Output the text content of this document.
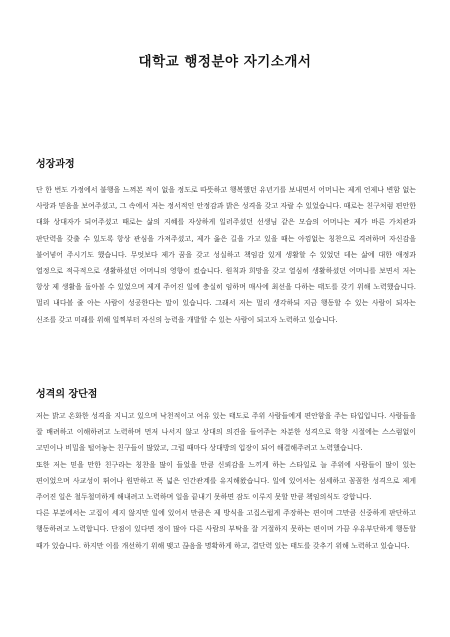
대학교 행정분야 자기소개서
성장과정

단 한 번도 가정에서 불행을 느껴본 적이 없을 정도로 따뜻하고 행복했던 유년기를 보내면서 어머니는 제게 언제나 변함 없는 사랑과 믿음을 보여주셨고, 그 속에서 저는 정서적인 안정감과 밝은 성격을 갖고 자랄 수 있었습니다. 때로는 친구처럼 편안한 대화 상대자가 되어주셨고 때로는 삶의 지혜를 자상하게 일러주셨던 선생님 같은 모습의 어머니는 제가 바른 가치관과 판단력을 갖출 수 있도록 항상 관심을 가져주셨고, 제가 옳은 길을 가고 있을 때는 아낌없는 칭찬으로 격려하며 자신감을 불어넣어 주시기도 했습니다. 무엇보다 제가 꿈을 갖고 성실하고 책임감 있게 생활할 수 있었던 데는 삶에 대한 애정과 열정으로 적극적으로 생활하셨던 어머니의 영향이 컸습니다. 원칙과 희망을 갖고 열심히 생활하셨던 어머니를 보면서 저는 항상 제 생활을 돌아볼 수 있었으며 제게 주어진 일에 충실히 임하며 매사에 최선을 다하는 태도를 갖기 위해 노력했습니다. 멀리 내다볼 줄 아는 사람이 성공한다는 말이 있습니다. 그래서 저는 멀리 생각하되 지금 행동할 수 있는 사람이 되자는 신조를 갖고 미래를 위해 일찍부터 자신의 능력을 개발할 수 있는 사람이 되고자 노력하고 있습니다.

성격의 장단점

저는 밝고 온화한 성격을 지니고 있으며 낙천적이고 여유 있는 태도로 주위 사람들에게 편안함을 주는 타입입니다. 사람들을 잘 배려하고 이해하려고 노력하며 먼저 나서지 않고 상대의 의견을 들어주는 차분한 성격으로 학창 시절에는 스스럼없이 고민이나 비밀을 털어놓는 친구들이 많았고, 그럴 때마다 상대방의 입장이 되어 해결해주려고 노력했습니다.

또한 저는 믿을 만한 친구라는 칭찬을 많이 들었을 만큼 신뢰감을 느끼게 하는 스타일로 늘 주위에 사람들이 많이 있는 편이었으며 사교성이 뛰어나 원만하고 폭 넓은 인간관계를 유지해왔습니다. 일에 있어서는 섬세하고 꼼꼼한 성격으로 제게 주어진 일은 철두철미하게 해내려고 노력하며 일을 끝내기 못하면 잠도 이루지 못할 만큼 책임의식도 강합니다.

다른 부분에서는 고집이 세지 않지만 일에 있어서 만큼은 제 방식을 고집스럽게 주장하는 편이며 그만큼 신중하게 판단하고 행동하려고 노력합니다. 단점이 있다면 정이 많아 다른 사람의 부탁을 잘 거절하지 못하는 편이며 가끔 우유부단하게 행동할 때가 있습니다. 하지만 이를 개선하기 위해 맺고 끊음을 명확하게 하고, 결단력 있는 태도를 갖추기 위해 노력하고 있습니다.
